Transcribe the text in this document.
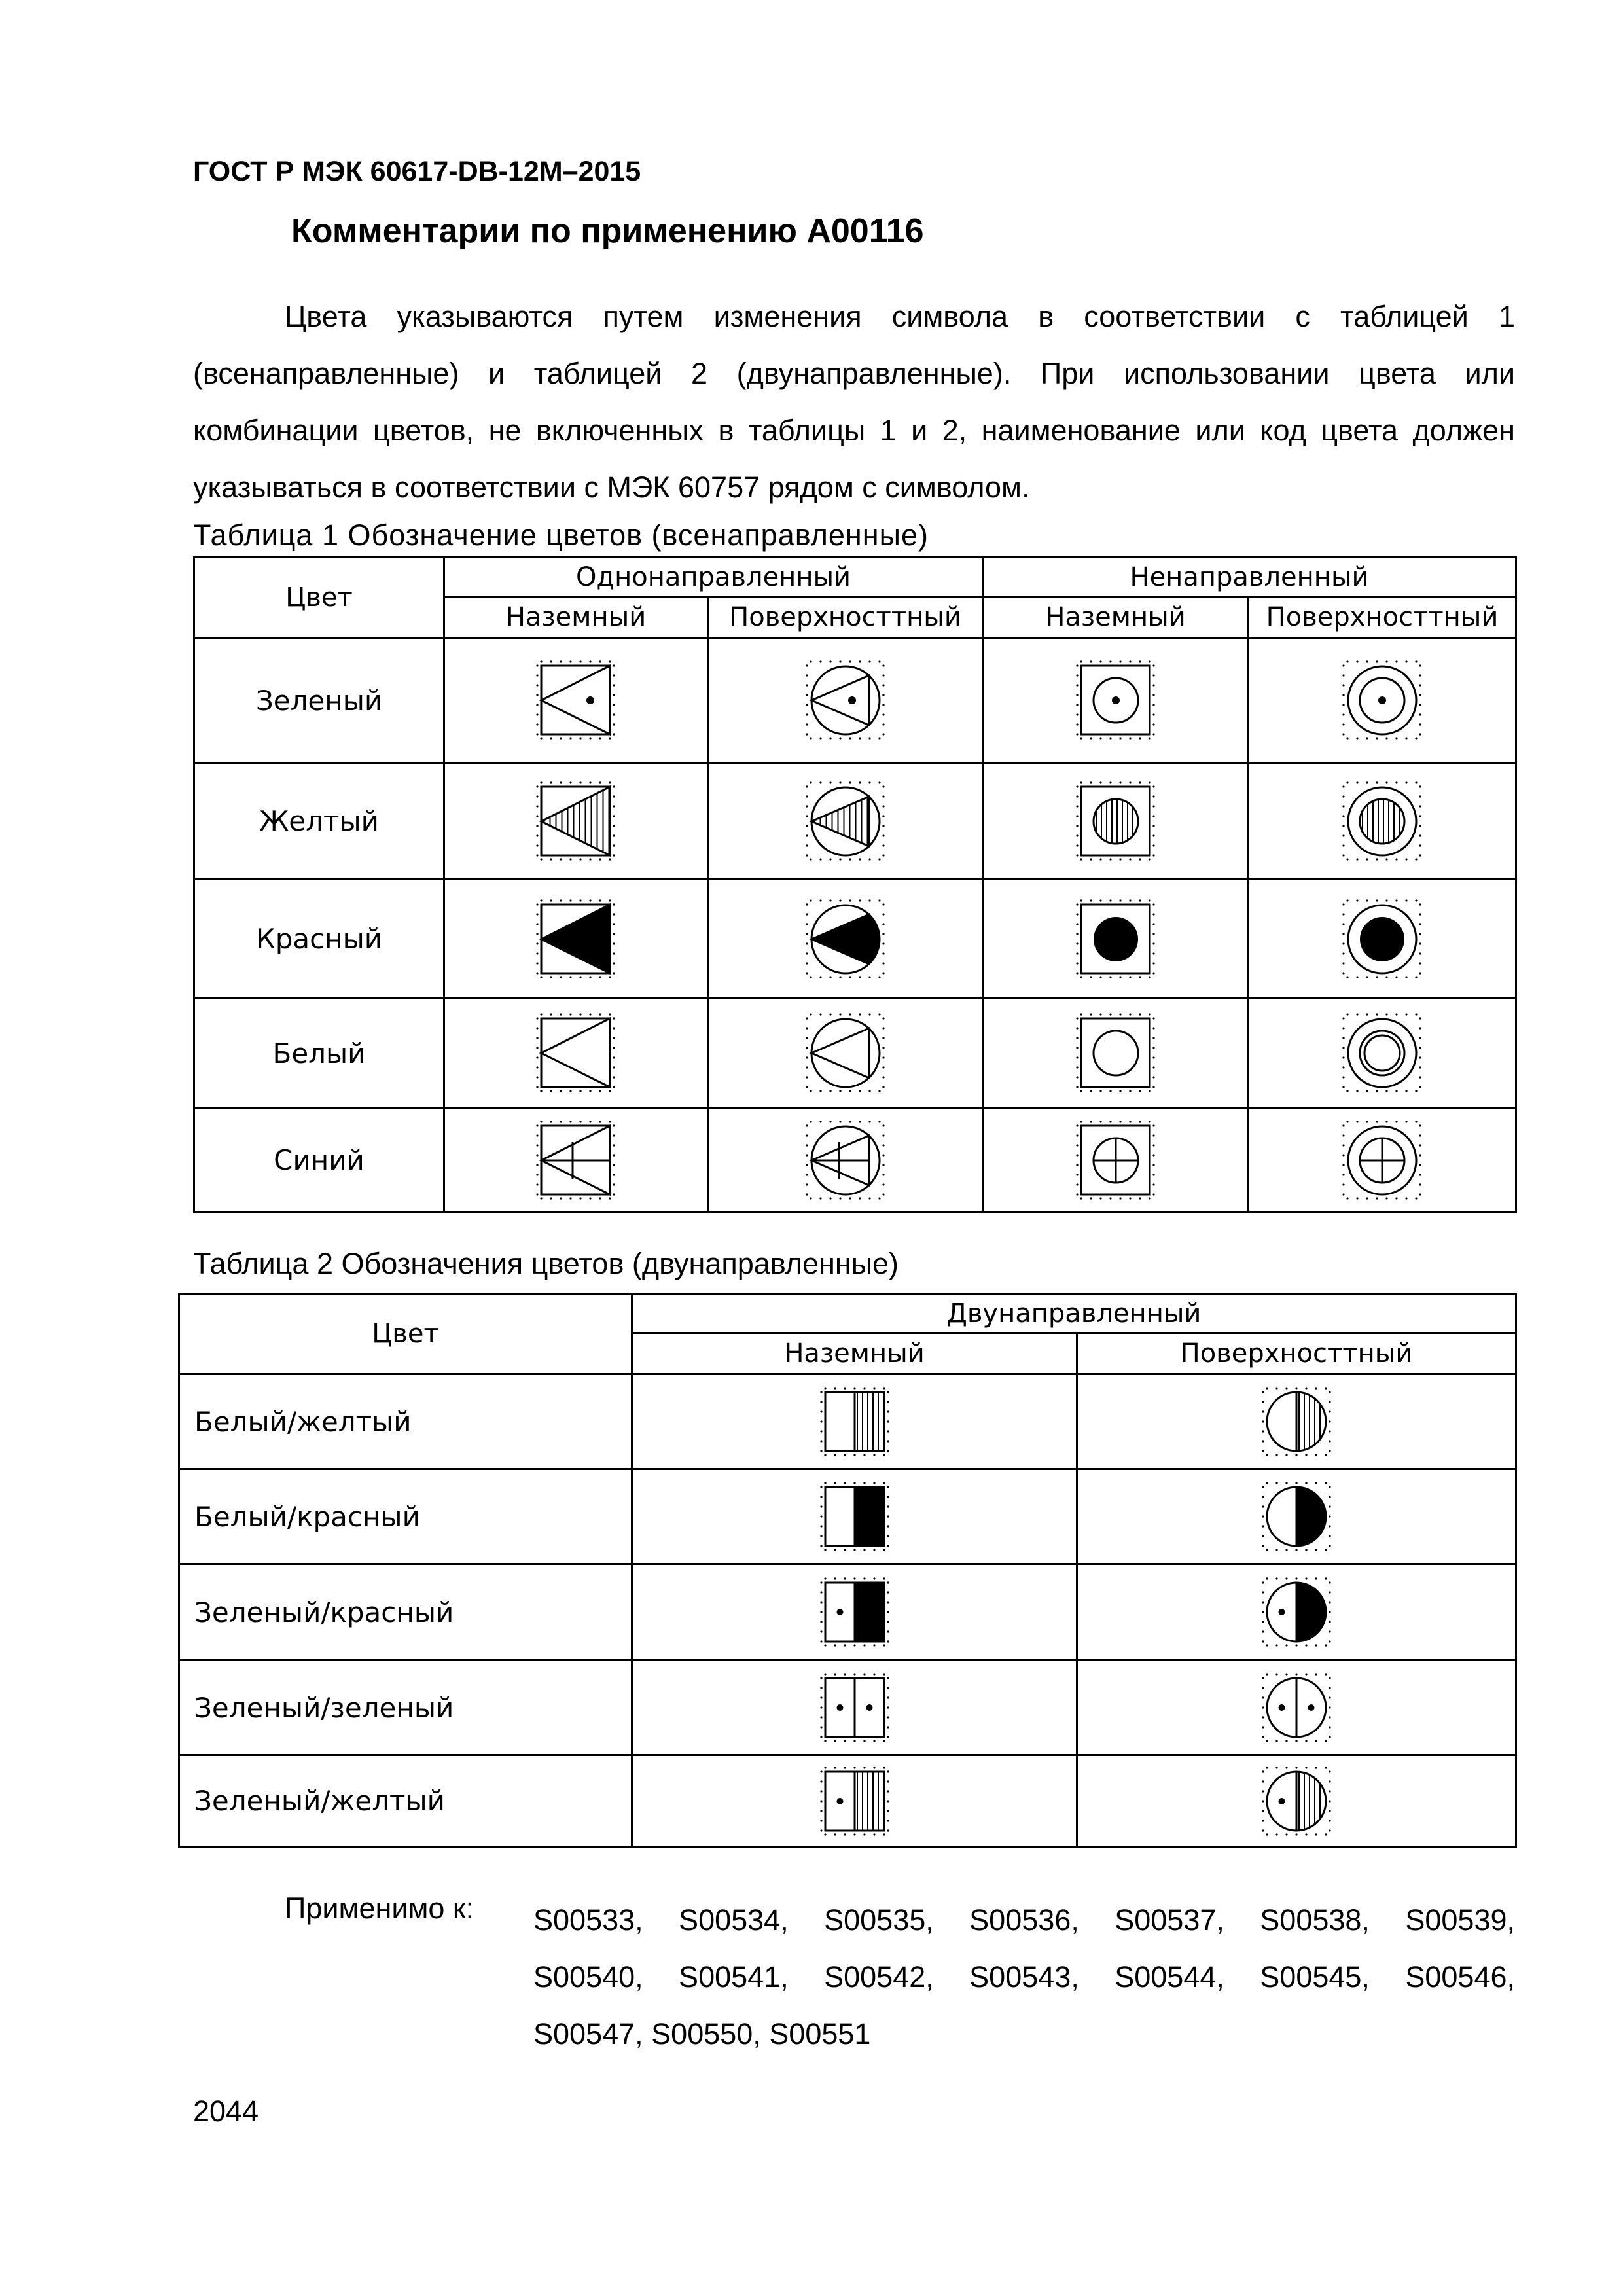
ГОСТ Р МЭК 60617-DB-12M–2015
Комментарии по применению А00116
Цвета указываются путем изменения символа в соответствии с таблицей 1 (всенаправленные) и таблицей 2 (двунаправленные). При использовании цвета или комбинации цветов, не включенных в таблицы 1 и 2, наименование или код цвета должен указываться в соответствии с МЭК 60757 рядом с символом.
Таблица 1 Обозначение цветов (всенаправленные)
Цвет	Однонаправленный		Ненаправленный	
	Наземный	Поверхносттный	Наземный	Поверхносттный
Зеленый	

Желтый	

Красный	

Белый	

Синий	

Таблица 2 Обозначения цветов (двунаправленные)
Цвет	Двунаправленный	
	Наземный	Поверхносттный
Белый/желтый	

Белый/красный	

Зеленый/красный	

Зеленый/зеленый	

Зеленый/желтый	

Применимо к: S00533, S00534, S00535, S00536, S00537, S00538, S00539,
S00540, S00541, S00542, S00543, S00544, S00545, S00546,
S00547, S00550, S00551
2044
